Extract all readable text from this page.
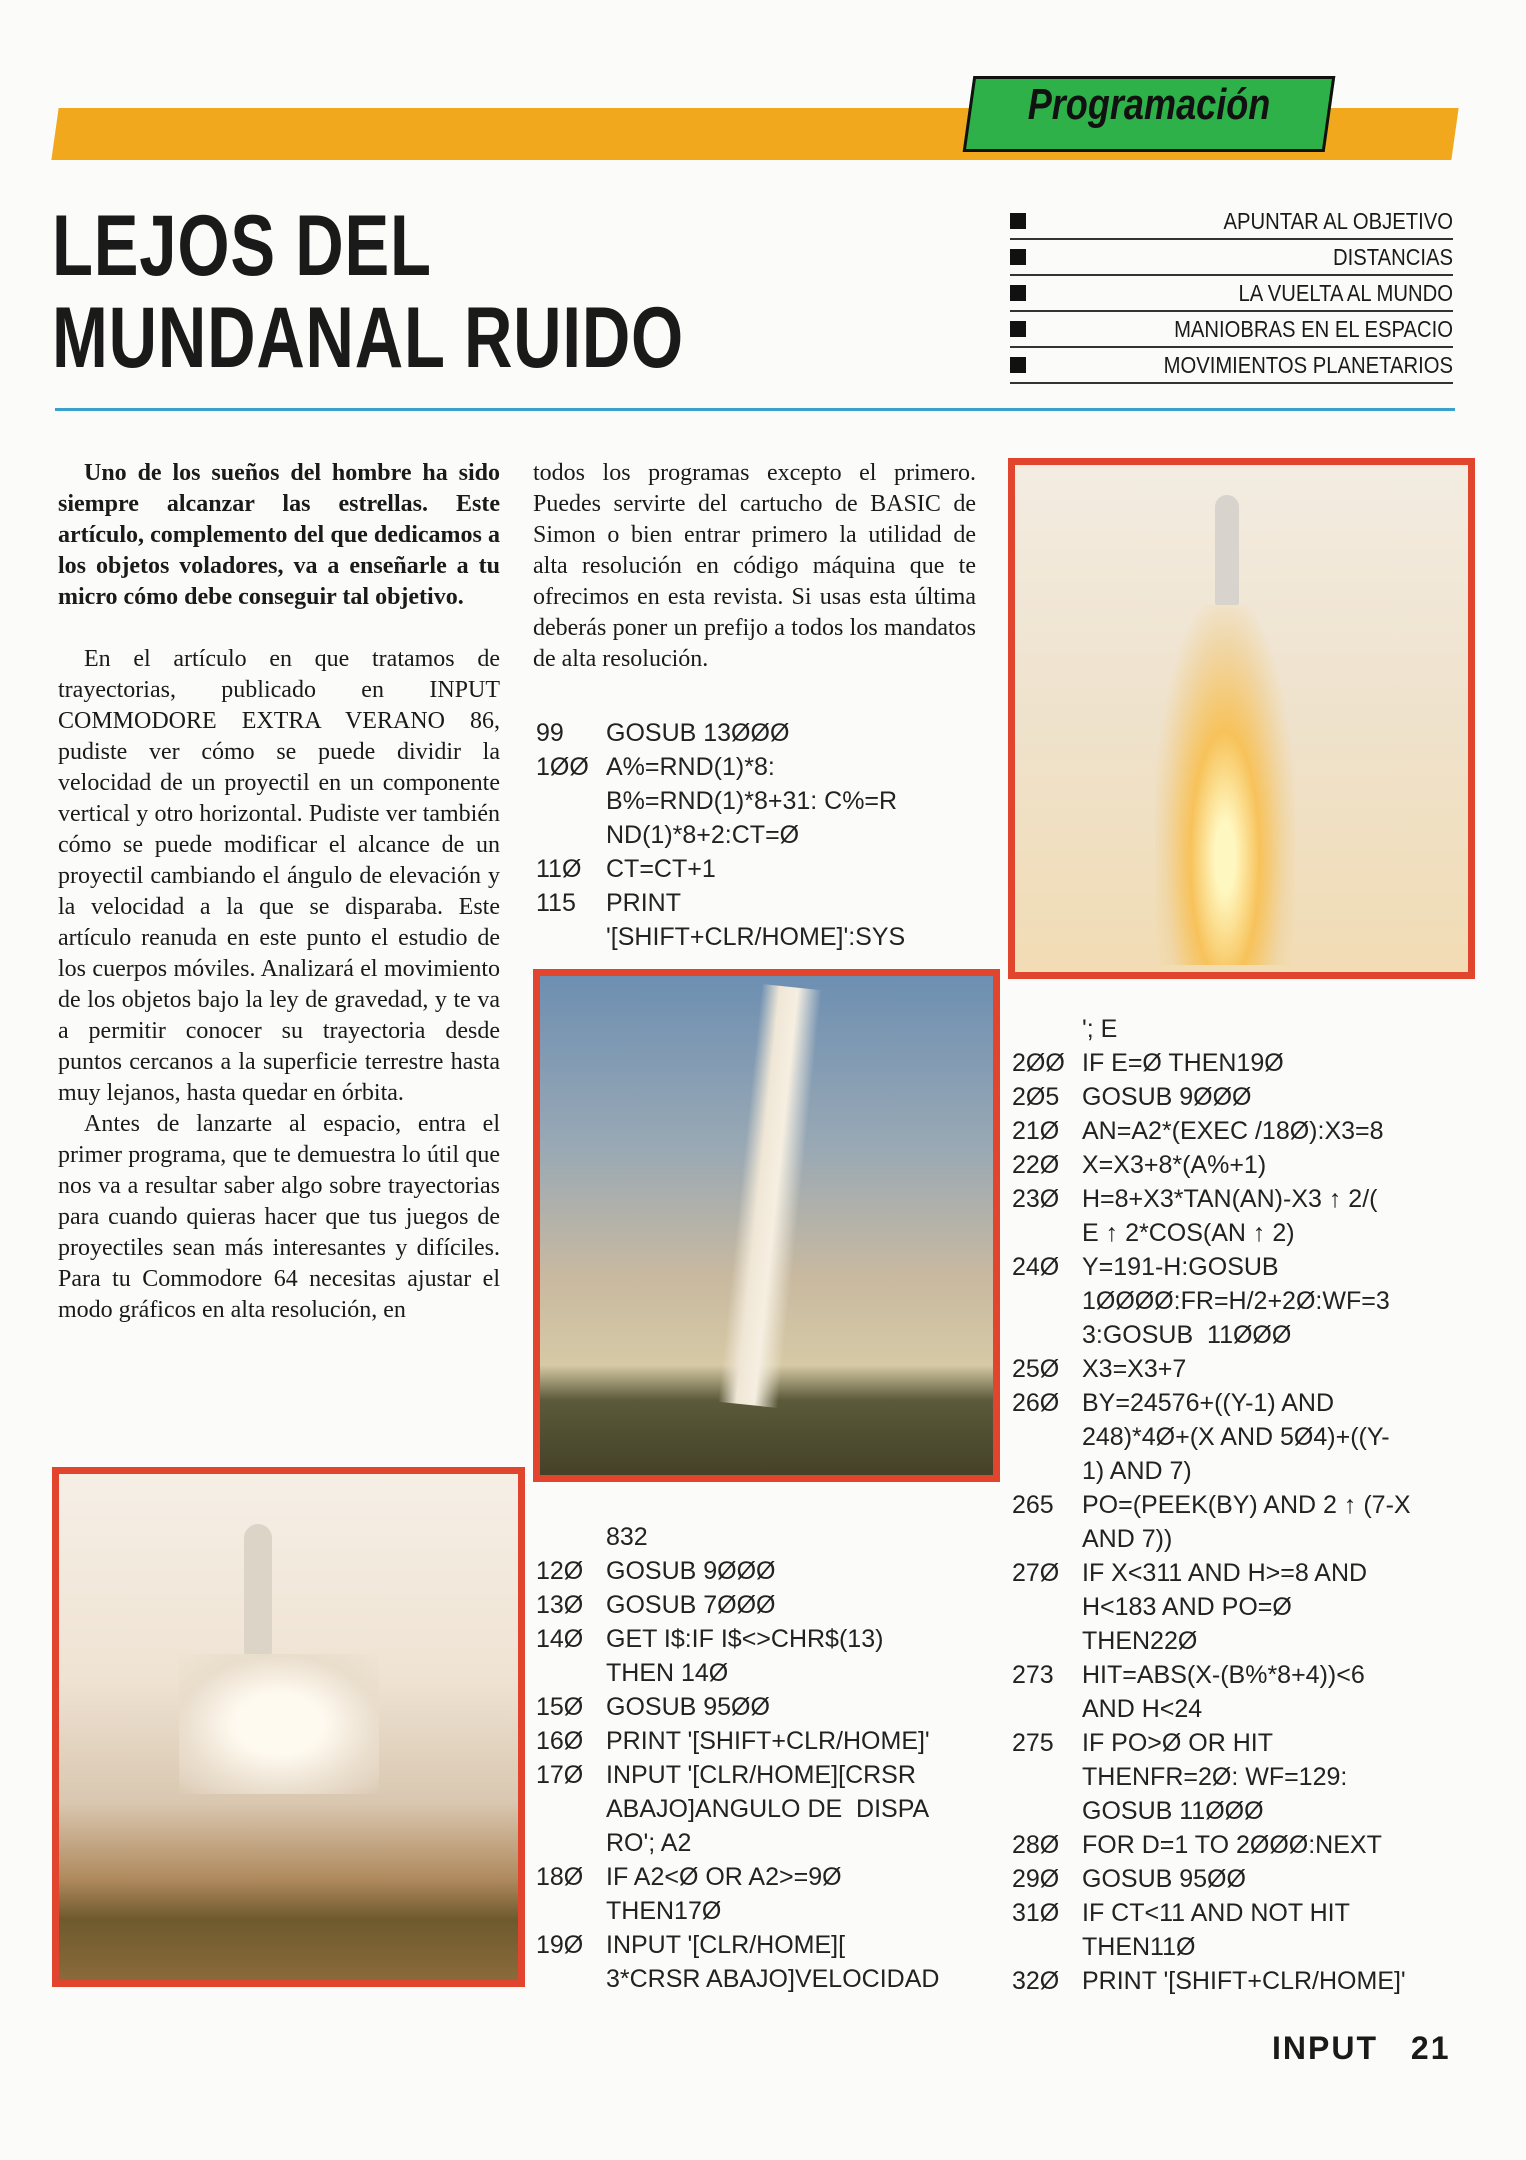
Programación
LEJOS DEL
MUNDANAL RUIDO
APUNTAR AL OBJETIVO
DISTANCIAS
LA VUELTA AL MUNDO
MANIOBRAS EN EL ESPACIO
MOVIMIENTOS PLANETARIOS

Uno de los sueños del hombre ha sido siempre alcanzar las estrellas. Este artículo, complemento del que dedicamos a los objetos voladores, va a enseñarle a tu micro cómo debe conseguir tal objetivo.

En el artículo en que tratamos de trayectorias, publicado en INPUT COMMODORE EXTRA VERANO 86, pudiste ver cómo se puede dividir la velocidad de un proyectil en un componente vertical y otro horizontal. Pudiste ver también cómo se puede modificar el alcance de un proyectil cambiando el ángulo de elevación y la velocidad a la que se disparaba. Este artículo reanuda en este punto el estudio de los cuerpos móviles. Analizará el movimiento de los objetos bajo la ley de gravedad, y te va a permitir conocer su trayectoria desde puntos cercanos a la superficie terrestre hasta muy lejanos, hasta quedar en órbita.

Antes de lanzarte al espacio, entra el primer programa, que te demuestra lo útil que nos va a resultar saber algo sobre trayectorias para cuando quieras hacer que tus juegos de proyectiles sean más interesantes y difíciles. Para tu Commodore 64 necesitas ajustar el modo gráficos en alta resolución, en

todos los programas excepto el primero. Puedes servirte del cartucho de BASIC de Simon o bien entrar primero la utilidad de alta resolución en código máquina que te ofrecimos en esta revista. Si usas esta última deberás poner un prefijo a todos los mandatos de alta resolución.

99	GOSUB 13ØØØ
1ØØ A%=RND(1)*8:
B%=RND(1)*8+31: C%=R
ND(1)*8+2:CT=Ø
11Ø CT=CT+1
115	PRINT
'[SHIFT+CLR/HOME]':SYS
832
12Ø GOSUB 9ØØØ
13Ø GOSUB 7ØØØ
14Ø GET I$:IF I$<>CHR$(13)
THEN 14Ø
15Ø GOSUB 95ØØ
16Ø PRINT '[SHIFT+CLR/HOME]'
17Ø INPUT '[CLR/HOME][CRSR
ABAJO]ANGULO DE  DISPA
RO'; A2
18Ø IF A2<Ø OR A2>=9Ø
THEN17Ø
19Ø INPUT '[CLR/HOME][
3*CRSR ABAJO]VELOCIDAD
'; E
2ØØ IF E=Ø THEN19Ø
2Ø5 GOSUB 9ØØØ
21Ø AN=A2*(EXEC /18Ø):X3=8
22Ø X=X3+8*(A%+1)
23Ø H=8+X3*TAN(AN)-X3 ↑ 2/(
E ↑ 2*COS(AN ↑ 2)
24Ø Y=191-H:GOSUB
1ØØØØ:FR=H/2+2Ø:WF=3
3:GOSUB  11ØØØ
25Ø X3=X3+7
26Ø BY=24576+((Y-1) AND
248)*4Ø+(X AND 5Ø4)+((Y-
1) AND 7)
265	PO=(PEEK(BY) AND 2 ↑ (7-X
AND 7))
27Ø IF X<311 AND H>=8 AND
H<183 AND PO=Ø
THEN22Ø
273	HIT=ABS(X-(B%*8+4))<6
AND H<24
275	IF PO>Ø OR HIT
THENFR=2Ø: WF=129:
GOSUB 11ØØØ
28Ø FOR D=1 TO 2ØØØ:NEXT
29Ø GOSUB 95ØØ
31Ø IF CT<11 AND NOT HIT
THEN11Ø
32Ø PRINT '[SHIFT+CLR/HOME]'
INPUT 21
